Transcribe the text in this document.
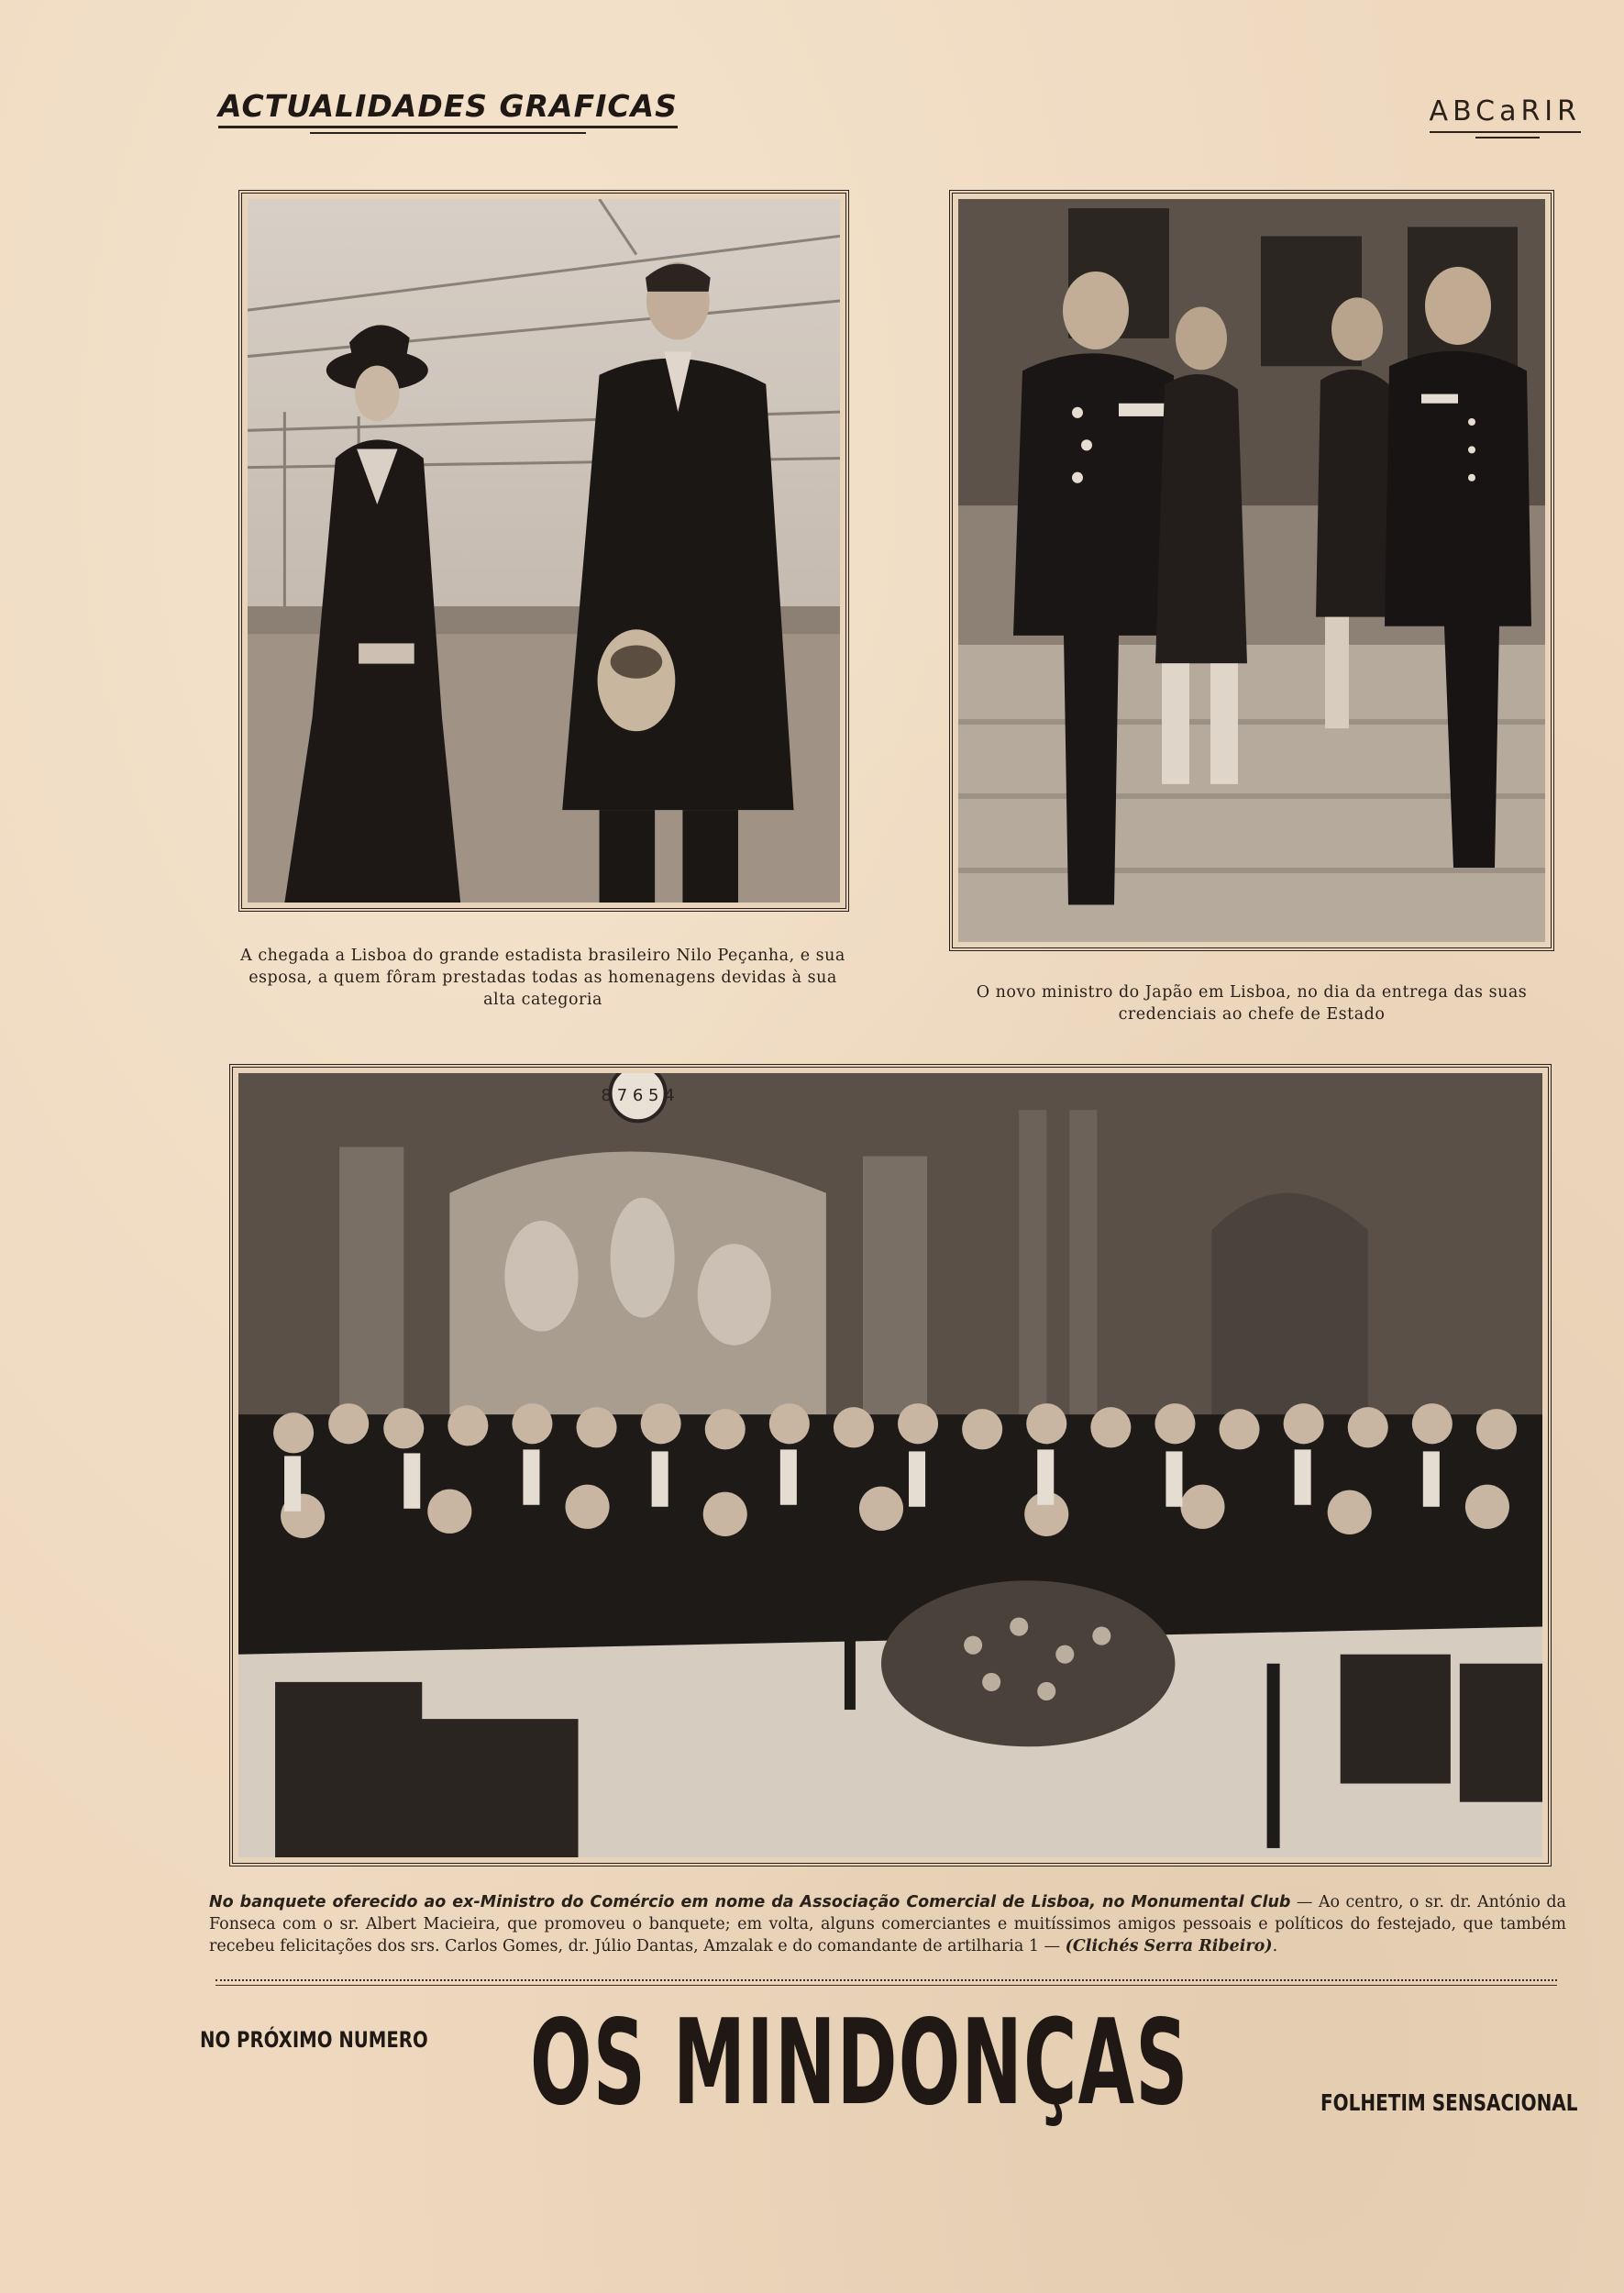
ACTUALIDADES GRAFICAS	ABCaRIR
A chegada a Lisboa do grande estadista brasileiro Nilo Peçanha, e sua esposa, a quem fôram prestadas todas as homenagens devidas à sua alta categoria	O novo ministro do Japão em Lisboa, no dia da entrega das suas credenciais ao chefe de Estado
8 7 6 5 4
No banquete oferecido ao ex-Ministro do Comércio em nome da Associação Comercial de Lisboa, no Monumental Club — Ao centro, o sr. dr. António da Fonseca com o sr. Albert Macieira, que promoveu o banquete; em volta, alguns comerciantes e muitíssimos amigos pessoais e políticos do festejado, que também recebeu felicitações dos srs. Carlos Gomes, dr. Júlio Dantas, Amzalak e do comandante de artilharia 1 — (Clichés Serra Ribeiro).
NO PRÓXIMO NUMERO OS MINDONÇAS	FOLHETIM SENSACIONAL
